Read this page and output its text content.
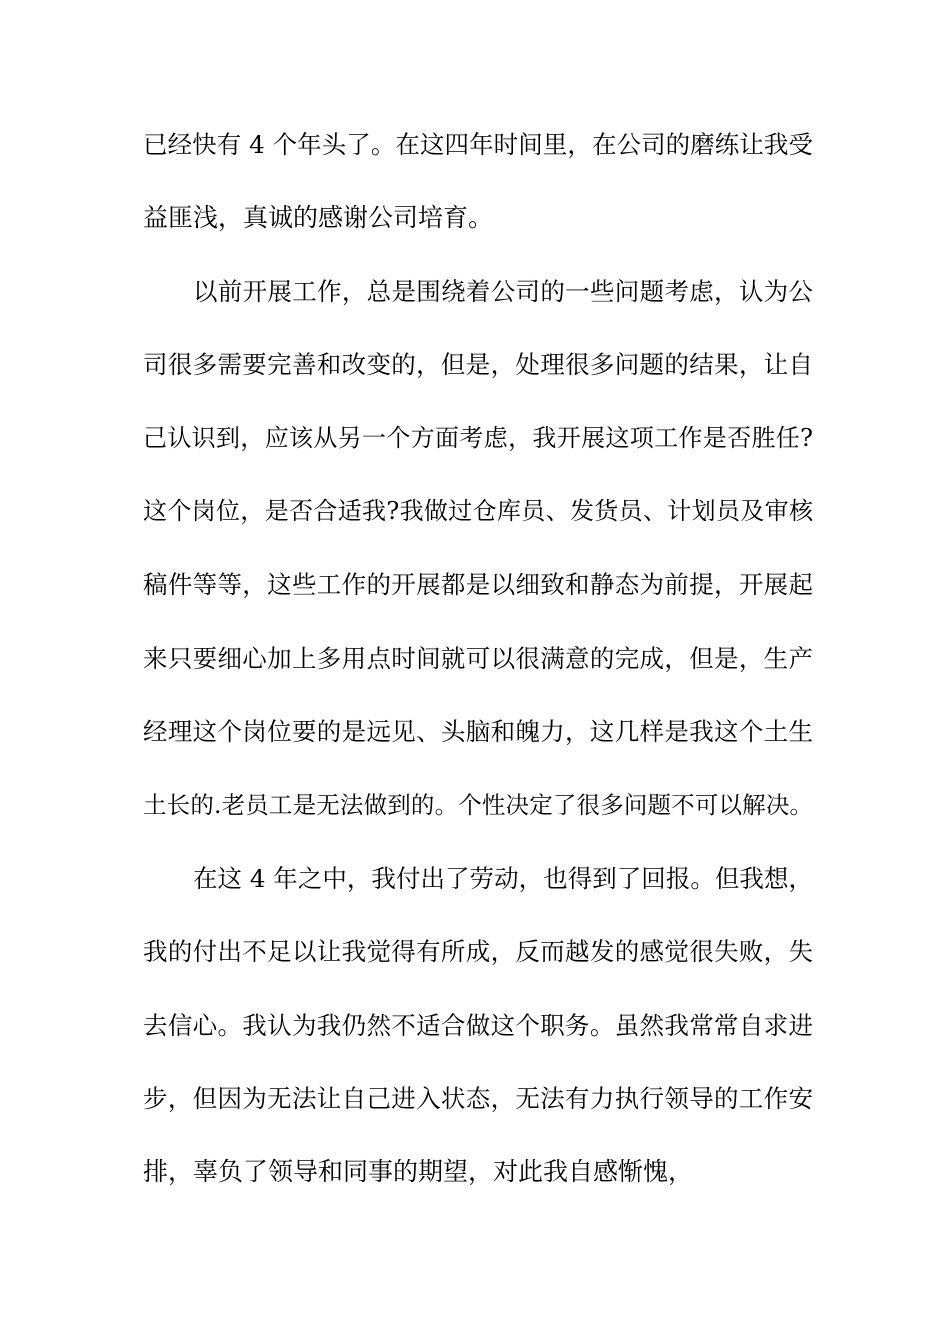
已经快有 4 个年头了。在这四年时间里，在公司的磨练让我受
益匪浅，真诚的感谢公司培育。
以前开展工作，总是围绕着公司的一些问题考虑，认为公
司很多需要完善和改变的，但是，处理很多问题的结果，让自
己认识到，应该从另一个方面考虑，我开展这项工作是否胜任?
这个岗位，是否合适我?我做过仓库员、发货员、计划员及审核
稿件等等，这些工作的开展都是以细致和静态为前提，开展起
来只要细心加上多用点时间就可以很满意的完成，但是，生产
经理这个岗位要的是远见、头脑和魄力，这几样是我这个土生
土长的.老员工是无法做到的。个性决定了很多问题不可以解决。
在这 4 年之中，我付出了劳动，也得到了回报。但我想，
我的付出不足以让我觉得有所成，反而越发的感觉很失败，失
去信心。我认为我仍然不适合做这个职务。虽然我常常自求进
步，但因为无法让自己进入状态，无法有力执行领导的工作安
排，辜负了领导和同事的期望，对此我自感惭愧，
